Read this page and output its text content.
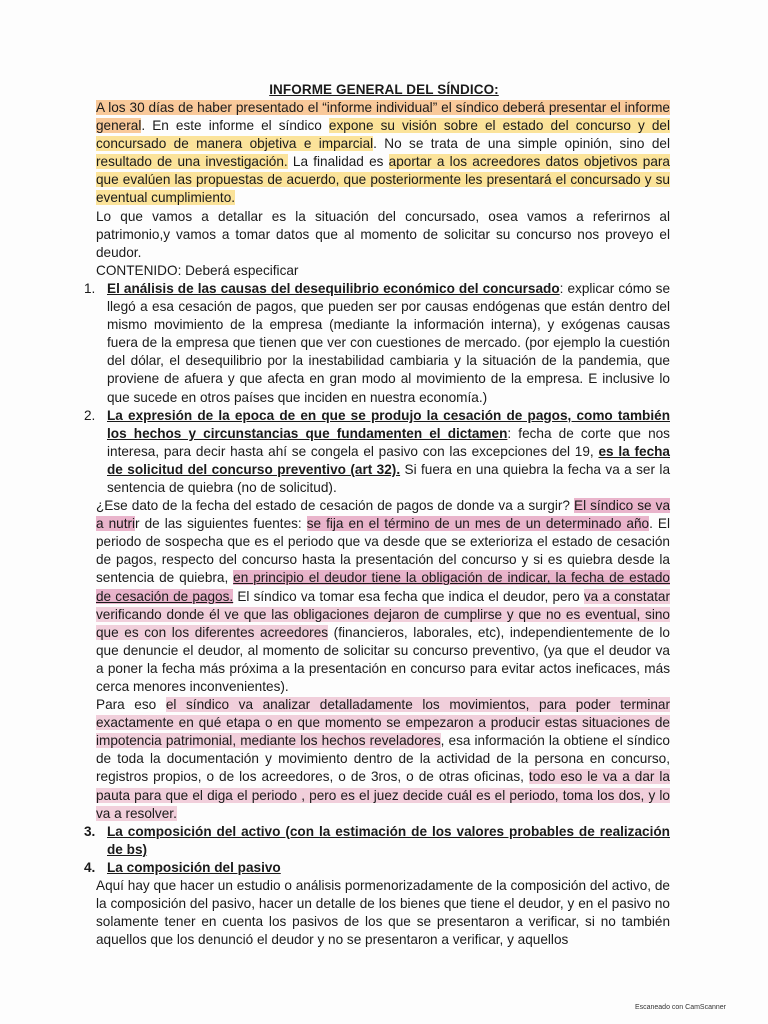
INFORME GENERAL DEL SÍNDICO:

A los 30 días de haber presentado el “informe individual” el síndico deberá presentar el informe general. En este informe el síndico expone su visión sobre el estado del concurso y del concursado de manera objetiva e imparcial. No se trata de una simple opinión, sino del resultado de una investigación. La finalidad es aportar a los acreedores datos objetivos para que evalúen las propuestas de acuerdo, que posteriormente les presentará el concursado y su eventual cumplimiento.

Lo que vamos a detallar es la situación del concursado, osea vamos a referirnos al patrimonio,y vamos a tomar datos que al momento de solicitar su concurso nos proveyo el deudor.

CONTENIDO: Deberá especificar

1. El análisis de las causas del desequilibrio económico del concursado: explicar cómo se llegó a esa cesación de pagos, que pueden ser por causas endógenas que están dentro del mismo movimiento de la empresa (mediante la información interna), y exógenas causas fuera de la empresa que tienen que ver con cuestiones de mercado. (por ejemplo la cuestión del dólar, el desequilibrio por la inestabilidad cambiaria y la situación de la pandemia, que proviene de afuera y que afecta en gran modo al movimiento de la empresa. E inclusive lo que sucede en otros países que inciden en nuestra economía.)

2. La expresión de la epoca de en que se produjo la cesación de pagos, como también los hechos y circunstancias que fundamenten el dictamen: fecha de corte que nos interesa, para decir hasta ahí se congela el pasivo con las excepciones del 19, es la fecha de solicitud del concurso preventivo (art 32). Si fuera en una quiebra la fecha va a ser la sentencia de quiebra (no de solicitud).

¿Ese dato de la fecha del estado de cesación de pagos de donde va a surgir? El síndico se va a nutrir de las siguientes fuentes: se fija en el término de un mes de un determinado año. El periodo de sospecha que es el periodo que va desde que se exterioriza el estado de cesación de pagos, respecto del concurso hasta la presentación del concurso y si es quiebra desde la sentencia de quiebra, en principio el deudor tiene la obligación de indicar, la fecha de estado de cesación de pagos. El síndico va tomar esa fecha que indica el deudor, pero va a constatar verificando donde él ve que las obligaciones dejaron de cumplirse y que no es eventual, sino que es con los diferentes acreedores (financieros, laborales, etc), independientemente de lo que denuncie el deudor, al momento de solicitar su concurso preventivo, (ya que el deudor va a poner la fecha más próxima a la presentación en concurso para evitar actos ineficaces, más cerca menores inconvenientes).

Para eso el síndico va analizar detalladamente los movimientos, para poder terminar exactamente en qué etapa o en que momento se empezaron a producir estas situaciones de impotencia patrimonial, mediante los hechos reveladores, esa información la obtiene el síndico de toda la documentación y movimiento dentro de la actividad de la persona en concurso, registros propios, o de los acreedores, o de 3ros, o de otras oficinas, todo eso le va a dar la pauta para que el diga el periodo , pero es el juez decide cuál es el periodo, toma los dos, y lo va a resolver.

3. La composición del activo (con la estimación de los valores probables de realización de bs)

4. La composición del pasivo

Aquí hay que hacer un estudio o análisis pormenorizadamente de la composición del activo, de la composición del pasivo, hacer un detalle de los bienes que tiene el deudor, y en el pasivo no solamente tener en cuenta los pasivos de los que se presentaron a verificar, si no también aquellos que los denunció el deudor y no se presentaron a verificar, y aquellos

Escaneado con CamScanner
